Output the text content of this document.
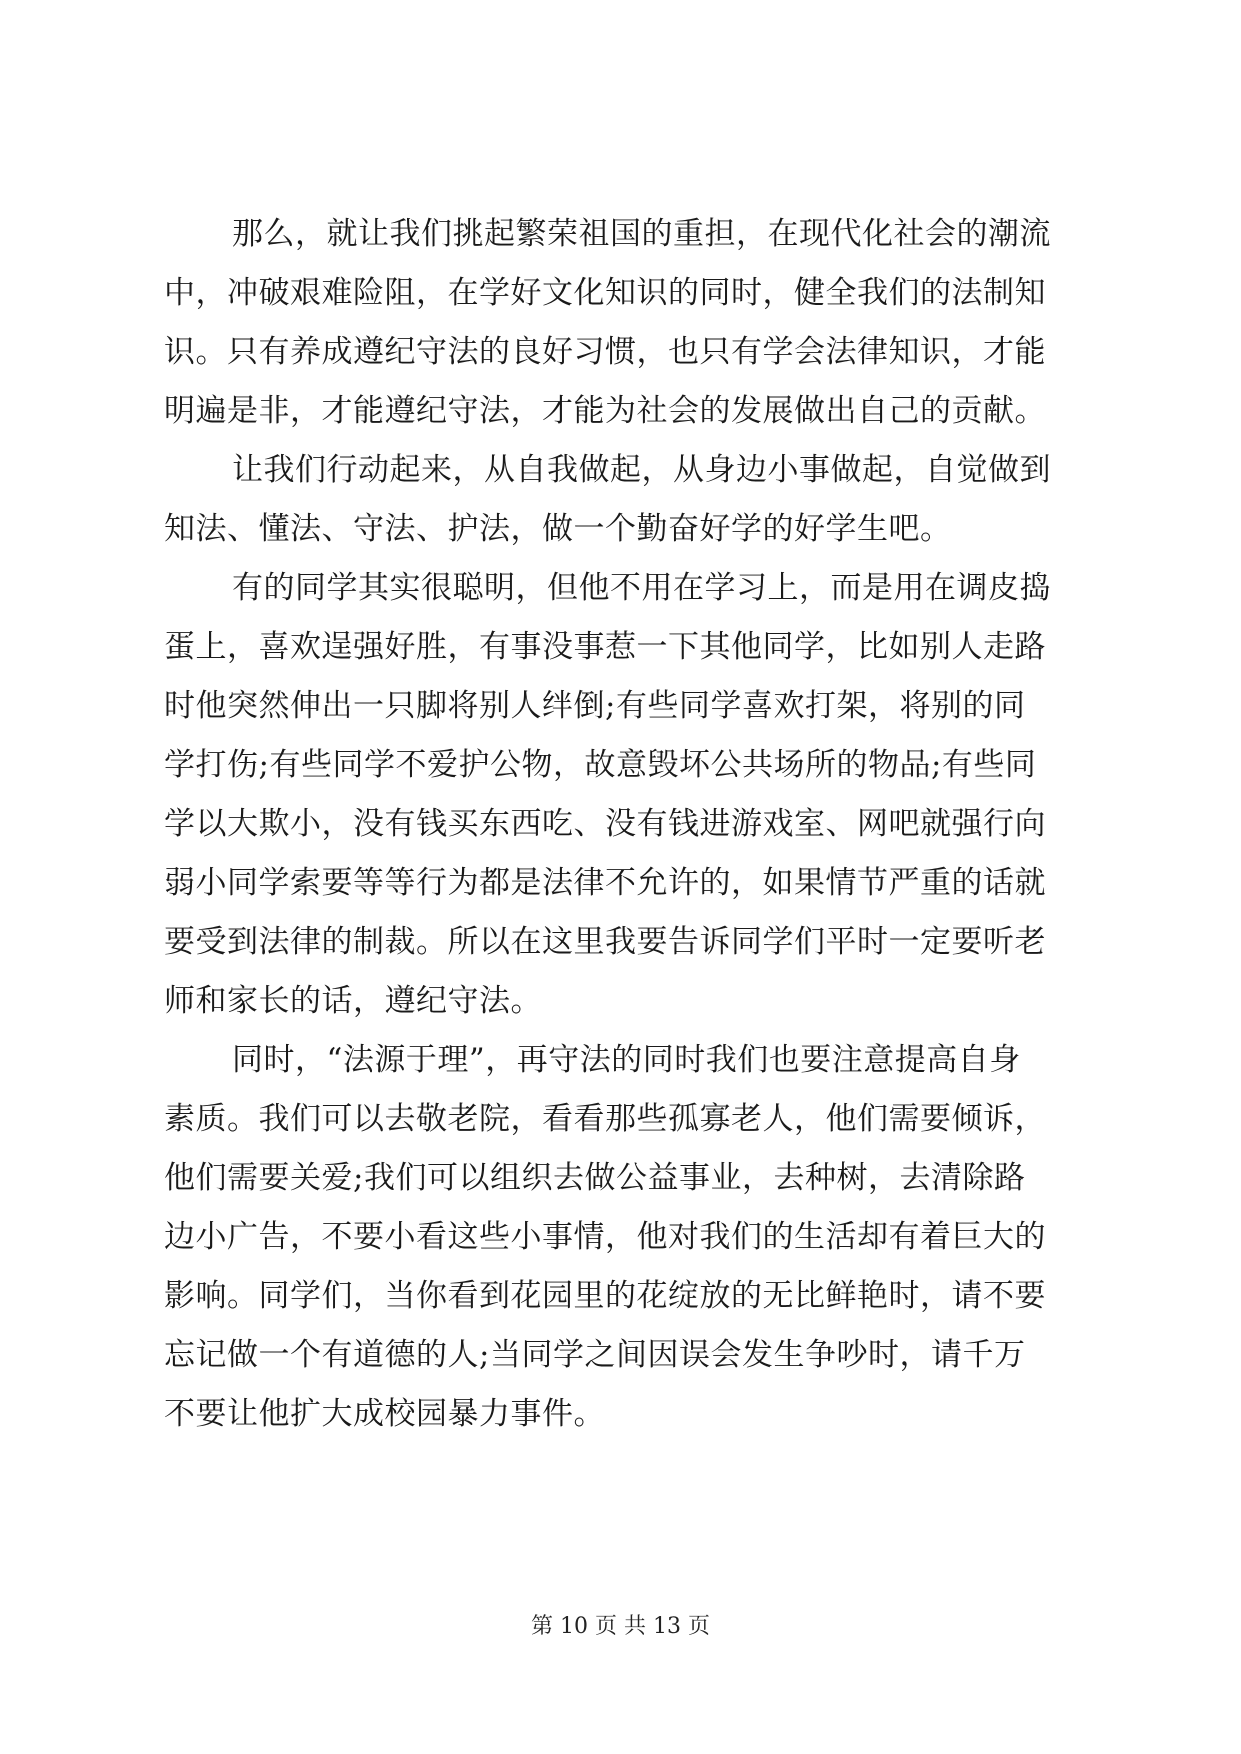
那么，就让我们挑起繁荣祖国的重担，在现代化社会的潮流
中，冲破艰难险阻，在学好文化知识的同时，健全我们的法制知
识。只有养成遵纪守法的良好习惯，也只有学会法律知识，才能
明遍是非，才能遵纪守法，才能为社会的发展做出自己的贡献。
让我们行动起来，从自我做起，从身边小事做起，自觉做到
知法、懂法、守法、护法，做一个勤奋好学的好学生吧。
有的同学其实很聪明，但他不用在学习上，而是用在调皮捣
蛋上，喜欢逞强好胜，有事没事惹一下其他同学，比如别人走路
时他突然伸出一只脚将别人绊倒;有些同学喜欢打架，将别的同
学打伤;有些同学不爱护公物，故意毁坏公共场所的物品;有些同
学以大欺小，没有钱买东西吃、没有钱进游戏室、网吧就强行向
弱小同学索要等等行为都是法律不允许的，如果情节严重的话就
要受到法律的制裁。所以在这里我要告诉同学们平时一定要听老
师和家长的话，遵纪守法。
同时，“法源于理”，再守法的同时我们也要注意提高自身
素质。我们可以去敬老院，看看那些孤寡老人，他们需要倾诉，
他们需要关爱;我们可以组织去做公益事业，去种树，去清除路
边小广告，不要小看这些小事情，他对我们的生活却有着巨大的
影响。同学们，当你看到花园里的花绽放的无比鲜艳时，请不要
忘记做一个有道德的人;当同学之间因误会发生争吵时，请千万
不要让他扩大成校园暴力事件。
第 10 页 共 13 页
